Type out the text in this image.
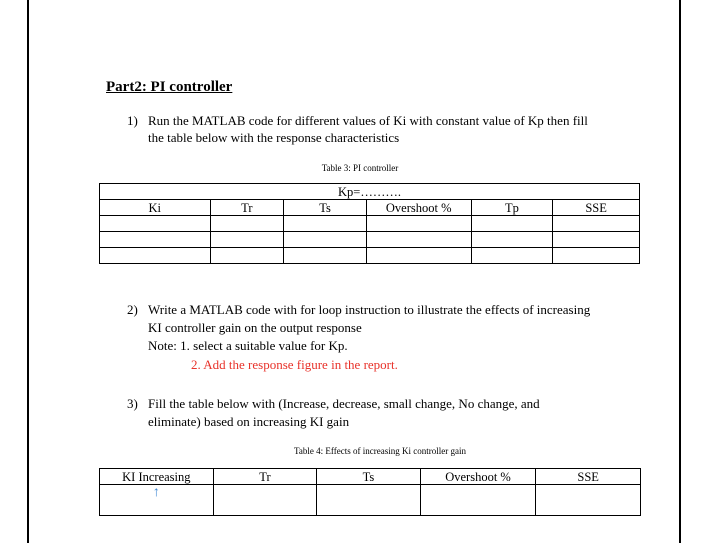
Part2: PI controller
1) Run the MATLAB code for different values of Ki with constant value of Kp then fill
the table below with the response characteristics
Table 3: PI controller
Kp=……….					
Ki	Tr	Ts	Overshoot %	Tp	SSE

2) Write a MATLAB code with for loop instruction to illustrate the effects of increasing
KI controller gain on the output response
Note: 1. select a suitable value for Kp.
2. Add the response figure in the report.
3) Fill the table below with (Increase, decrease, small change, No change, and
eliminate) based on increasing KI gain
Table 4: Effects of increasing Ki controller gain
KI Increasing	Tr	Ts	Overshoot %	SSE
↑				
